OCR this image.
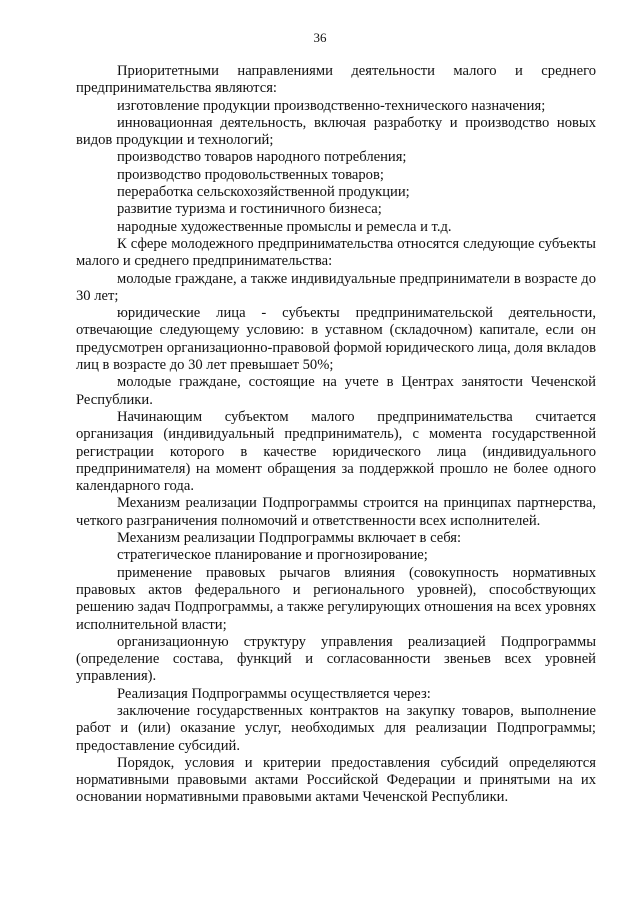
36

Приоритетными направлениями деятельности малого и среднего предпринимательства являются:

изготовление продукции производственно-технического назначения;

инновационная деятельность, включая разработку и производство новых видов продукции и технологий;

производство товаров народного потребления;

производство продовольственных товаров;

переработка сельскохозяйственной продукции;

развитие туризма и гостиничного бизнеса;

народные художественные промыслы и ремесла и т.д.

К сфере молодежного предпринимательства относятся следующие субъекты малого и среднего предпринимательства:

молодые граждане, а также индивидуальные предприниматели в возрасте до 30 лет;

юридические лица - субъекты предпринимательской деятельности, отвечающие следующему условию: в уставном (складочном) капитале, если он предусмотрен организационно-правовой формой юридического лица, доля вкладов лиц в возрасте до 30 лет превышает 50%;

молодые граждане, состоящие на учете в Центрах занятости Чеченской Республики.

Начинающим субъектом малого предпринимательства считается организация (индивидуальный предприниматель), с момента государственной регистрации которого в качестве юридического лица (индивидуального предпринимателя) на момент обращения за поддержкой прошло не более одного календарного года.

Механизм реализации Подпрограммы строится на принципах партнерства, четкого разграничения полномочий и ответственности всех исполнителей.

Механизм реализации Подпрограммы включает в себя:

стратегическое планирование и прогнозирование;

применение правовых рычагов влияния (совокупность нормативных правовых актов федерального и регионального уровней), способствующих решению задач Подпрограммы, а также регулирующих отношения на всех уровнях исполнительной власти;

организационную структуру управления реализацией Подпрограммы (определение состава, функций и согласованности звеньев всех уровней управления).

Реализация Подпрограммы осуществляется через:

заключение государственных контрактов на закупку товаров, выполнение работ и (или) оказание услуг, необходимых для реализации Подпрограммы; предоставление субсидий.

Порядок, условия и критерии предоставления субсидий определяются нормативными правовыми актами Российской Федерации и принятыми на их основании нормативными правовыми актами Чеченской Республики.
